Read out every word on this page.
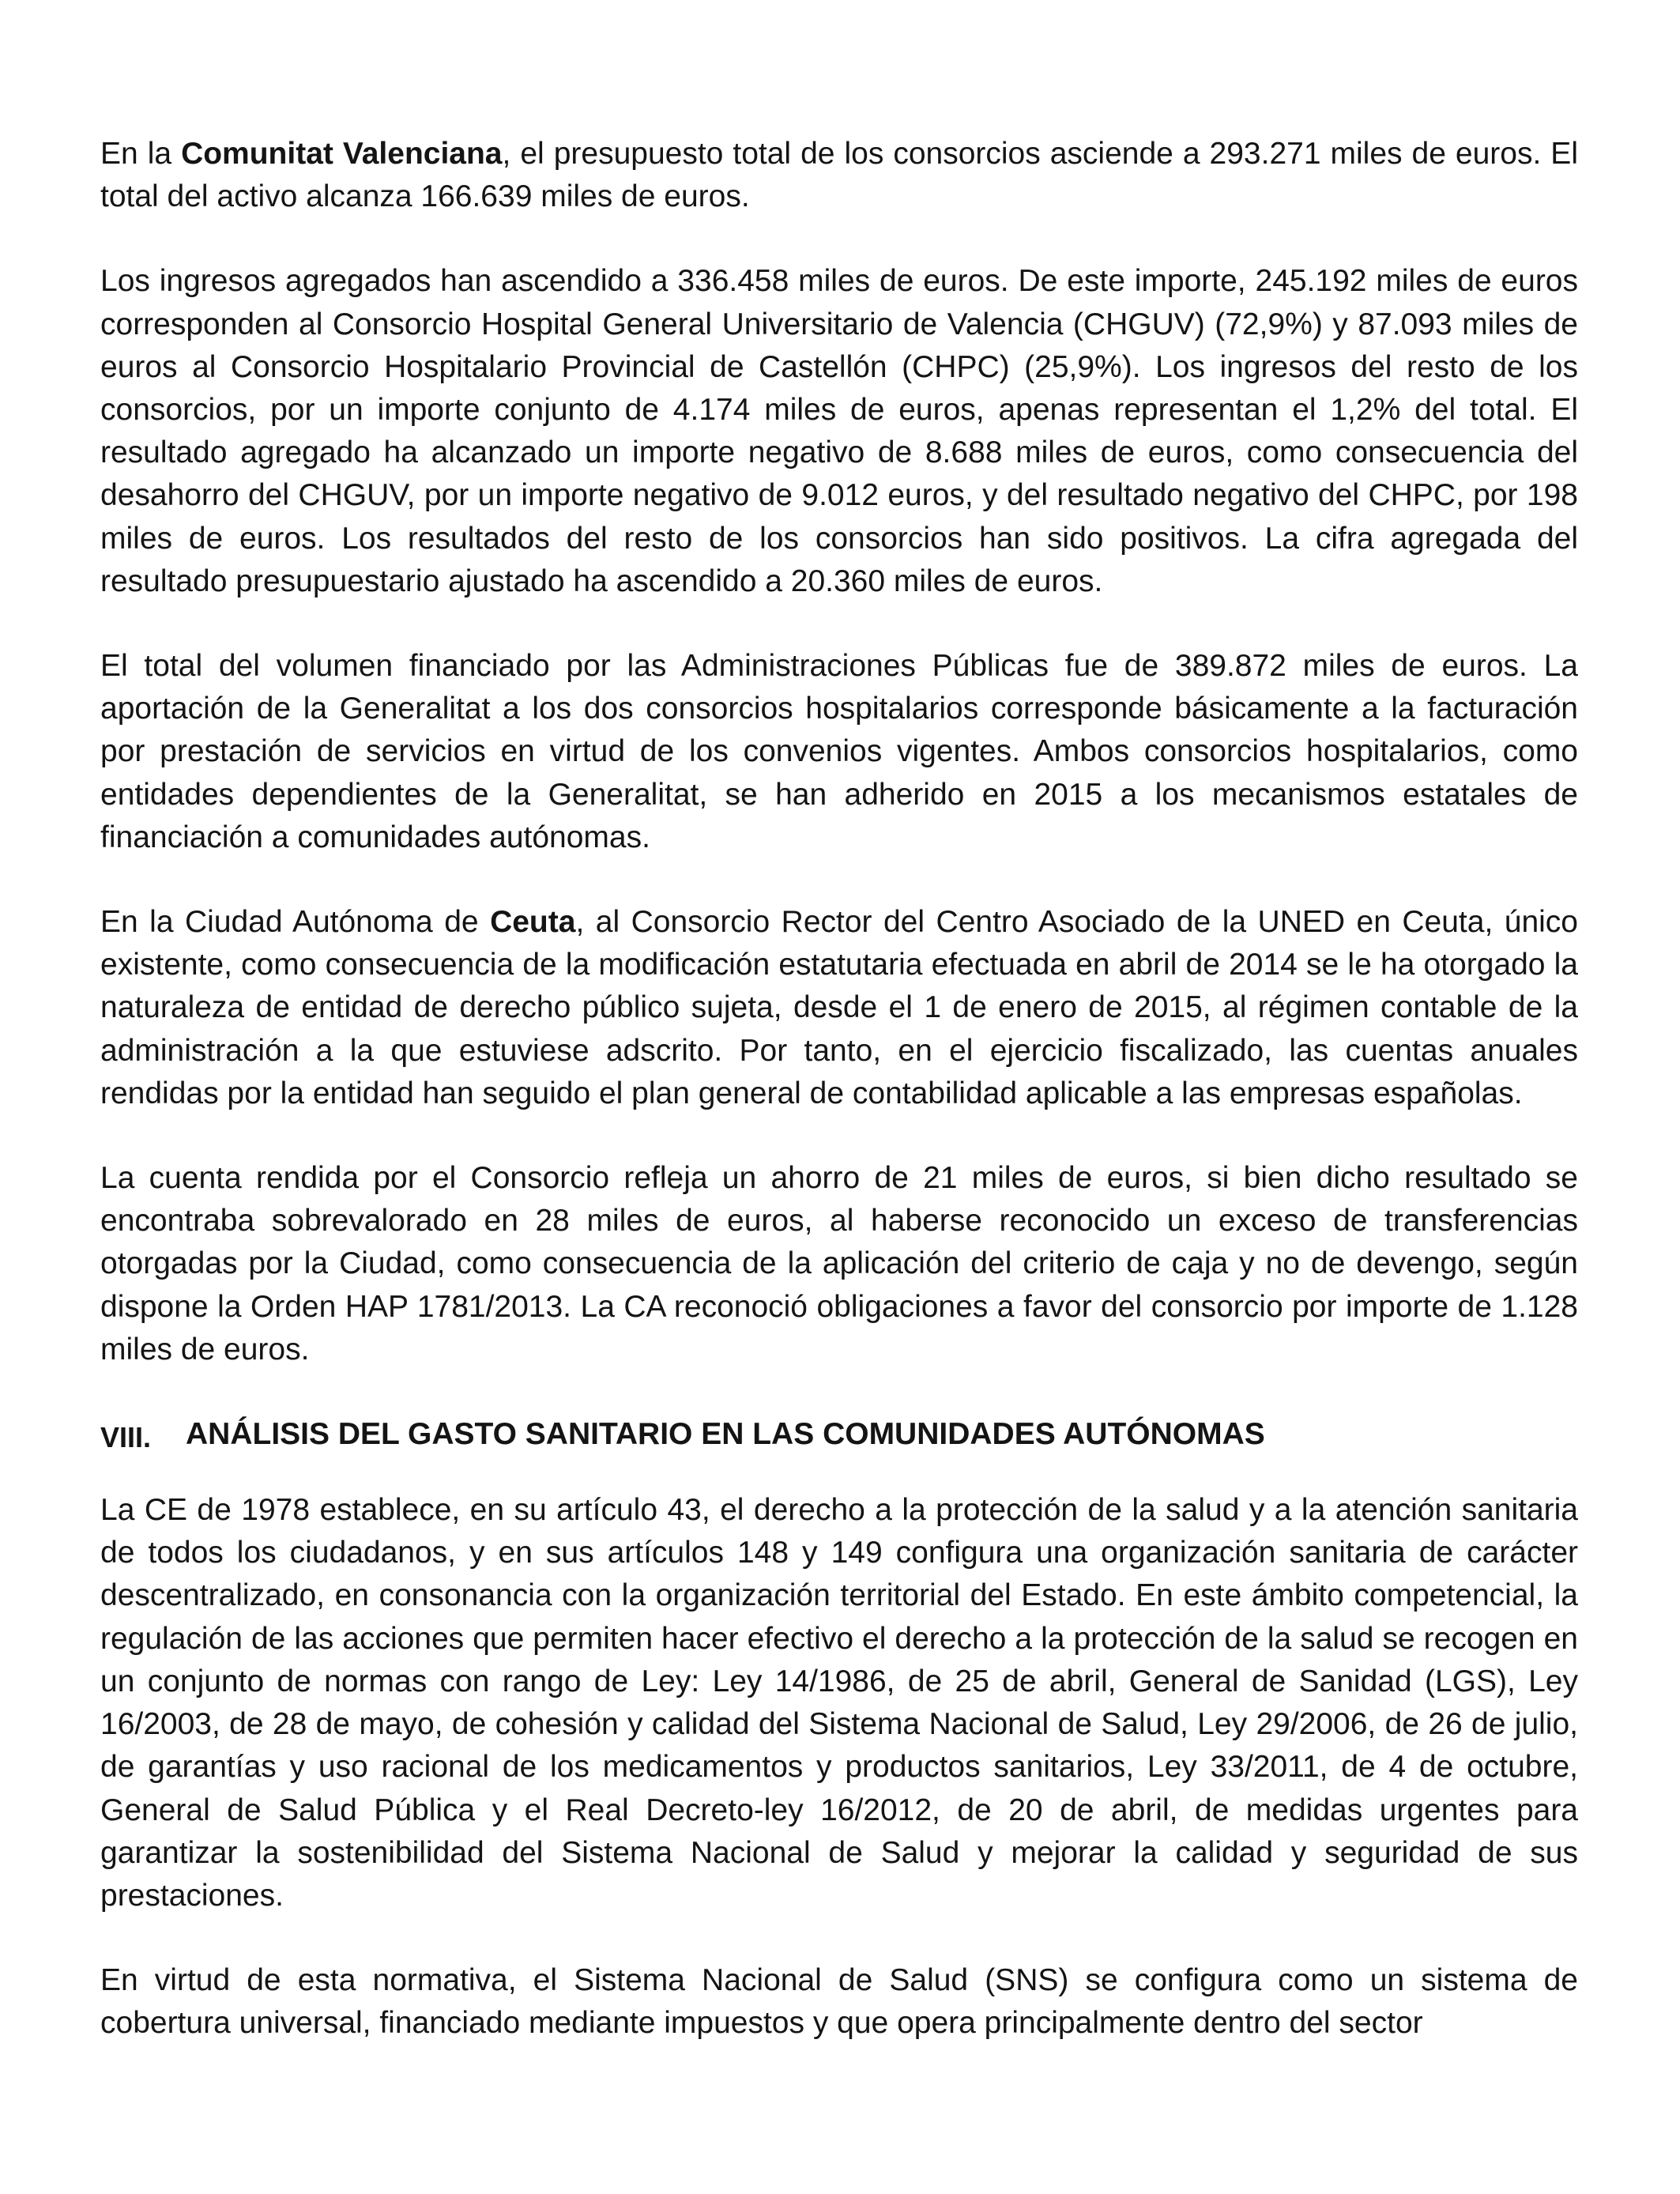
En la Comunitat Valenciana, el presupuesto total de los consorcios asciende a 293.271 miles de euros. El total del activo alcanza 166.639 miles de euros.

Los ingresos agregados han ascendido a 336.458 miles de euros. De este importe, 245.192 miles de euros corresponden al Consorcio Hospital General Universitario de Valencia (CHGUV) (72,9%) y 87.093 miles de euros al Consorcio Hospitalario Provincial de Castellón (CHPC) (25,9%). Los ingresos del resto de los consorcios, por un importe conjunto de 4.174 miles de euros, apenas representan el 1,2% del total. El resultado agregado ha alcanzado un importe negativo de 8.688 miles de euros, como consecuencia del desahorro del CHGUV, por un importe negativo de 9.012 euros, y del resultado negativo del CHPC, por 198 miles de euros. Los resultados del resto de los consorcios han sido positivos. La cifra agregada del resultado presupuestario ajustado ha ascendido a 20.360 miles de euros.

El total del volumen financiado por las Administraciones Públicas fue de 389.872 miles de euros. La aportación de la Generalitat a los dos consorcios hospitalarios corresponde básicamente a la facturación por prestación de servicios en virtud de los convenios vigentes. Ambos consorcios hospitalarios, como entidades dependientes de la Generalitat, se han adherido en 2015 a los mecanismos estatales de financiación a comunidades autónomas.

En la Ciudad Autónoma de Ceuta, al Consorcio Rector del Centro Asociado de la UNED en Ceuta, único existente, como consecuencia de la modificación estatutaria efectuada en abril de 2014 se le ha otorgado la naturaleza de entidad de derecho público sujeta, desde el 1 de enero de 2015, al régimen contable de la administración a la que estuviese adscrito. Por tanto, en el ejercicio fiscalizado, las cuentas anuales rendidas por la entidad han seguido el plan general de contabilidad aplicable a las empresas españolas.

La cuenta rendida por el Consorcio refleja un ahorro de 21 miles de euros, si bien dicho resultado se encontraba sobrevalorado en 28 miles de euros, al haberse reconocido un exceso de transferencias otorgadas por la Ciudad, como consecuencia de la aplicación del criterio de caja y no de devengo, según dispone la Orden HAP 1781/2013. La CA reconoció obligaciones a favor del consorcio por importe de 1.128 miles de euros.

VIII. ANÁLISIS DEL GASTO SANITARIO EN LAS COMUNIDADES AUTÓNOMAS

La CE de 1978 establece, en su artículo 43, el derecho a la protección de la salud y a la atención sanitaria de todos los ciudadanos, y en sus artículos 148 y 149 configura una organización sanitaria de carácter descentralizado, en consonancia con la organización territorial del Estado. En este ámbito competencial, la regulación de las acciones que permiten hacer efectivo el derecho a la protección de la salud se recogen en un conjunto de normas con rango de Ley: Ley 14/1986, de 25 de abril, General de Sanidad (LGS), Ley 16/2003, de 28 de mayo, de cohesión y calidad del Sistema Nacional de Salud, Ley 29/2006, de 26 de julio, de garantías y uso racional de los medicamentos y productos sanitarios, Ley 33/2011, de 4 de octubre, General de Salud Pública y el Real Decreto-ley 16/2012, de 20 de abril, de medidas urgentes para garantizar la sostenibilidad del Sistema Nacional de Salud y mejorar la calidad y seguridad de sus prestaciones.

En virtud de esta normativa, el Sistema Nacional de Salud (SNS) se configura como un sistema de cobertura universal, financiado mediante impuestos y que opera principalmente dentro del sector
